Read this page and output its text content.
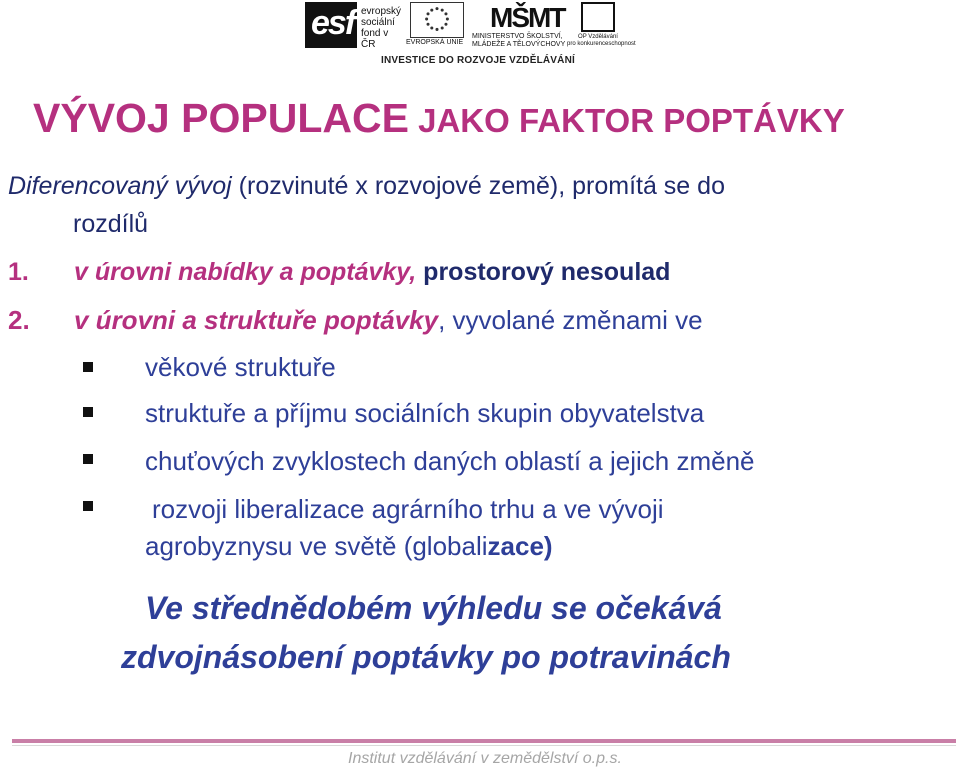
esf evropský
sociální
fond v ČR	EVROPSKÁ UNIE
MŠMT
MINISTERSTVO ŠKOLSTVÍ,
MLÁDEŽE A TĚLOVÝCHOVY
OP Vzdělávání
pro konkurenceschopnost
INVESTICE DO ROZVOJE VZDĚLÁVÁNÍ
VÝVOJ POPULACE JAKO FAKTOR POPTÁVKY
Diferencovaný vývoj (rozvinuté x rozvojové země), promítá se do
rozdílů
1. v úrovni nabídky a poptávky, prostorový nesoulad
2. v úrovni a struktuře poptávky, vyvolané změnami ve
věkové struktuře
struktuře a příjmu sociálních skupin obyvatelstva
chuťových zvyklostech daných oblastí a jejich změně
rozvoji liberalizace agrárního trhu a ve vývoji
agrobyznysu ve světě (globalizace)
Ve střednědobém výhledu se očekává
zdvojnásobení poptávky po potravinách
Institut vzdělávání v zemědělství o.p.s.
